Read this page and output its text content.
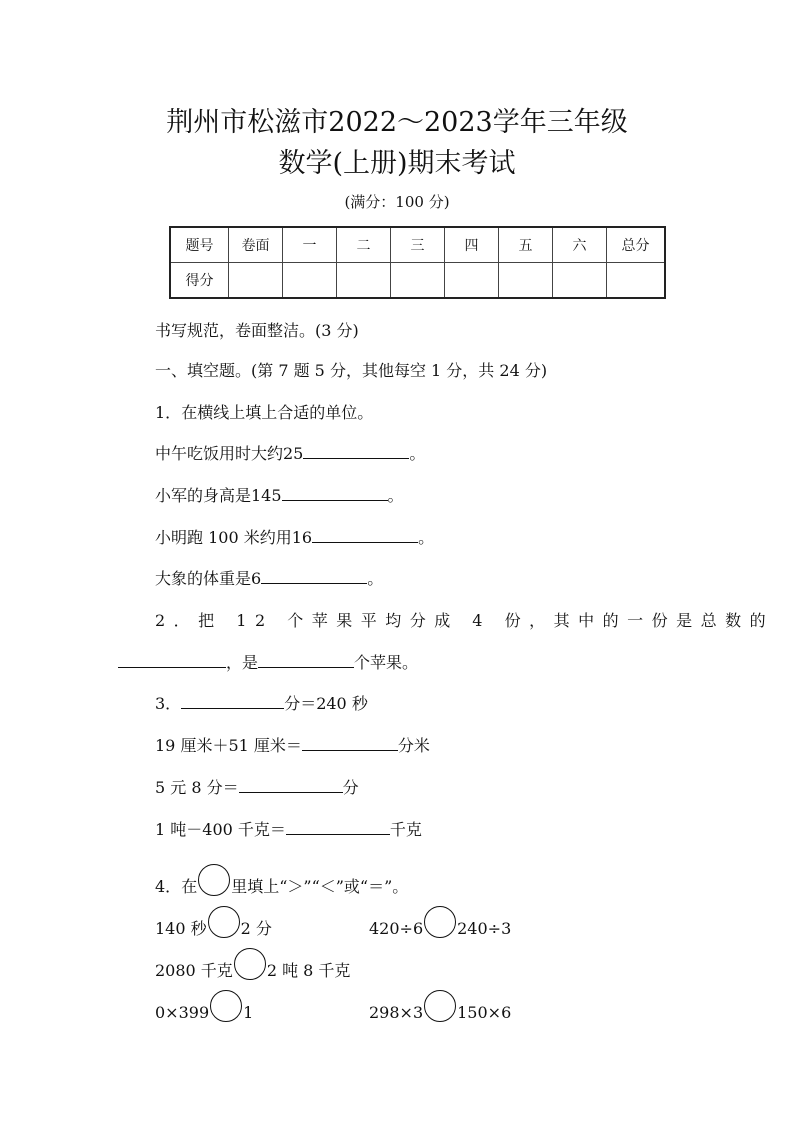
荆州市松滋市2022～2023学年三年级
数学(上册)期末考试
(满分：100 分)
题号	卷面	一	二	三	四	五	六	总分
得分								
书写规范，卷面整洁。(3 分)
一、填空题。(第 7 题 5 分，其他每空 1 分，共 24 分)
1．在横线上填上合适的单位。
中午吃饭用时大约25	。
小军的身高是145	。
小明跑 100 米约用16	。
大象的体重是6	。
2．把 12 个苹果平均分成 4 份，其中的一份是总数的
，是	个苹果。
3．	分＝240 秒
19 厘米＋51 厘米＝	分米
5 元 8 分＝	分
1 吨－400 千克＝	千克
4．在 里填上“＞”“＜”或“＝”。
140 秒 2 分	420÷6 240÷3
2080 千克 2 吨 8 千克
0×399 1	298×3 150×6
